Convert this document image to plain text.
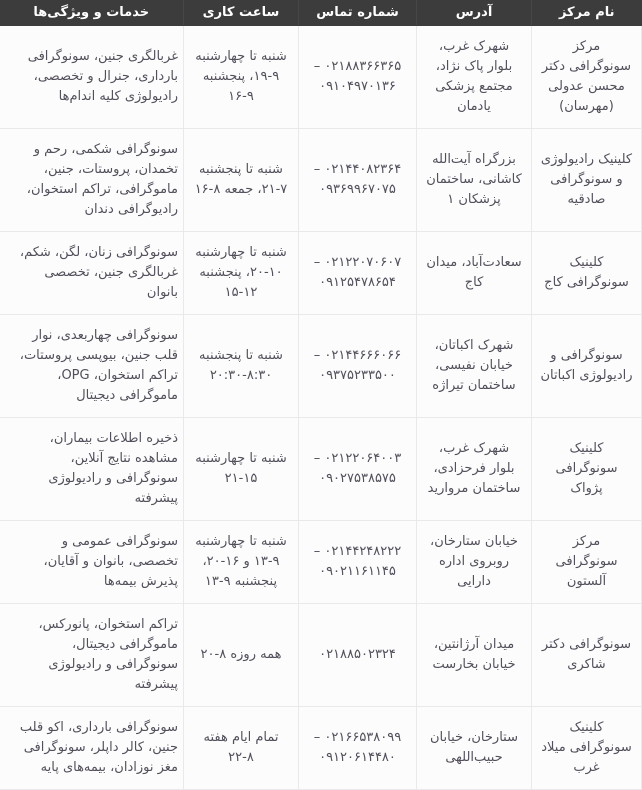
نام مرکز	آدرس	شماره تماس	ساعت کاری	خدمات و ویژگی‌ها
مرکز سونوگرافی دکتر محسن عدولی (مهرسان)	شهرک غرب، بلوار پاک نژاد، مجتمع پزشکی یادمان	۰۲۱۸۸۳۶۶۳۶۵ – ۰۹۱۰۴۹۷۰۱۳۶	شنبه تا چهارشنبه ۹-۱۹، پنجشنبه ۹-۱۶	غربالگری جنین، سونوگرافی بارداری، جنرال و تخصصی، رادیولوژی کلیه اندام‌ها
کلینیک رادیولوژی و سونوگرافی صادقیه	بزرگراه آیت‌الله کاشانی، ساختمان پزشکان ۱	۰۲۱۴۴۰۸۲۳۶۴ – ۰۹۳۶۹۹۶۷۰۷۵	شنبه تا پنجشنبه ۷-۲۱، جمعه ۸-۱۶	سونوگرافی شکمی، رحم و تخمدان، پروستات، جنین، ماموگرافی، تراکم استخوان، رادیوگرافی دندان
کلینیک سونوگرافی کاج	سعادت‌آباد، میدان کاج	۰۲۱۲۲۰۷۰۶۰۷ – ۰۹۱۲۵۴۷۸۶۵۴	شنبه تا چهارشنبه ۱۰-۲۰، پنجشنبه ۱۲-۱۵	سونوگرافی زنان، لگن، شکم، غربالگری جنین، تخصصی بانوان
سونوگرافی و رادیولوژی اکباتان	شهرک اکباتان، خیابان نفیسی، ساختمان تیراژه	۰۲۱۴۴۶۶۶۰۶۶ – ۰۹۳۷۵۲۳۳۵۰۰	شنبه تا پنجشنبه ۸:۳۰-۲۰:۳۰	سونوگرافی چهاربعدی، نوار قلب جنین، بیوپسی پروستات، تراکم استخوان، OPG، ماموگرافی دیجیتال
کلینیک سونوگرافی پژواک	شهرک غرب، بلوار فرحزادی، ساختمان مروارید	۰۲۱۲۲۰۶۴۰۰۳ – ۰۹۰۲۷۵۳۸۵۷۵	شنبه تا چهارشنبه ۱۵-۲۱	ذخیره اطلاعات بیماران، مشاهده نتایج آنلاین، سونوگرافی و رادیولوژی پیشرفته
مرکز سونوگرافی آلستون	خیابان ستارخان، روبروی اداره دارایی	۰۲۱۴۴۲۴۸۲۲۲ – ۰۹۰۲۱۱۶۱۱۴۵	شنبه تا چهارشنبه ۹-۱۳ و ۱۶-۲۰، پنجشنبه ۹-۱۳	سونوگرافی عمومی و تخصصی، بانوان و آقایان، پذیرش بیمه‌ها
سونوگرافی دکتر شاکری	میدان آرژانتین، خیابان بخارست	۰۲۱۸۸۵۰۲۳۲۴	همه روزه ۸-۲۰	تراکم استخوان، پانورکس، ماموگرافی دیجیتال، سونوگرافی و رادیولوژی پیشرفته
کلینیک سونوگرافی میلاد غرب	ستارخان، خیابان حبیب‌اللهی	۰۲۱۶۶۵۳۸۰۹۹ – ۰۹۱۲۰۶۱۴۴۸۰	تمام ایام هفته ۸-۲۲	سونوگرافی بارداری، اکو قلب جنین، کالر داپلر، سونوگرافی مغز نوزادان، بیمه‌های پایه
